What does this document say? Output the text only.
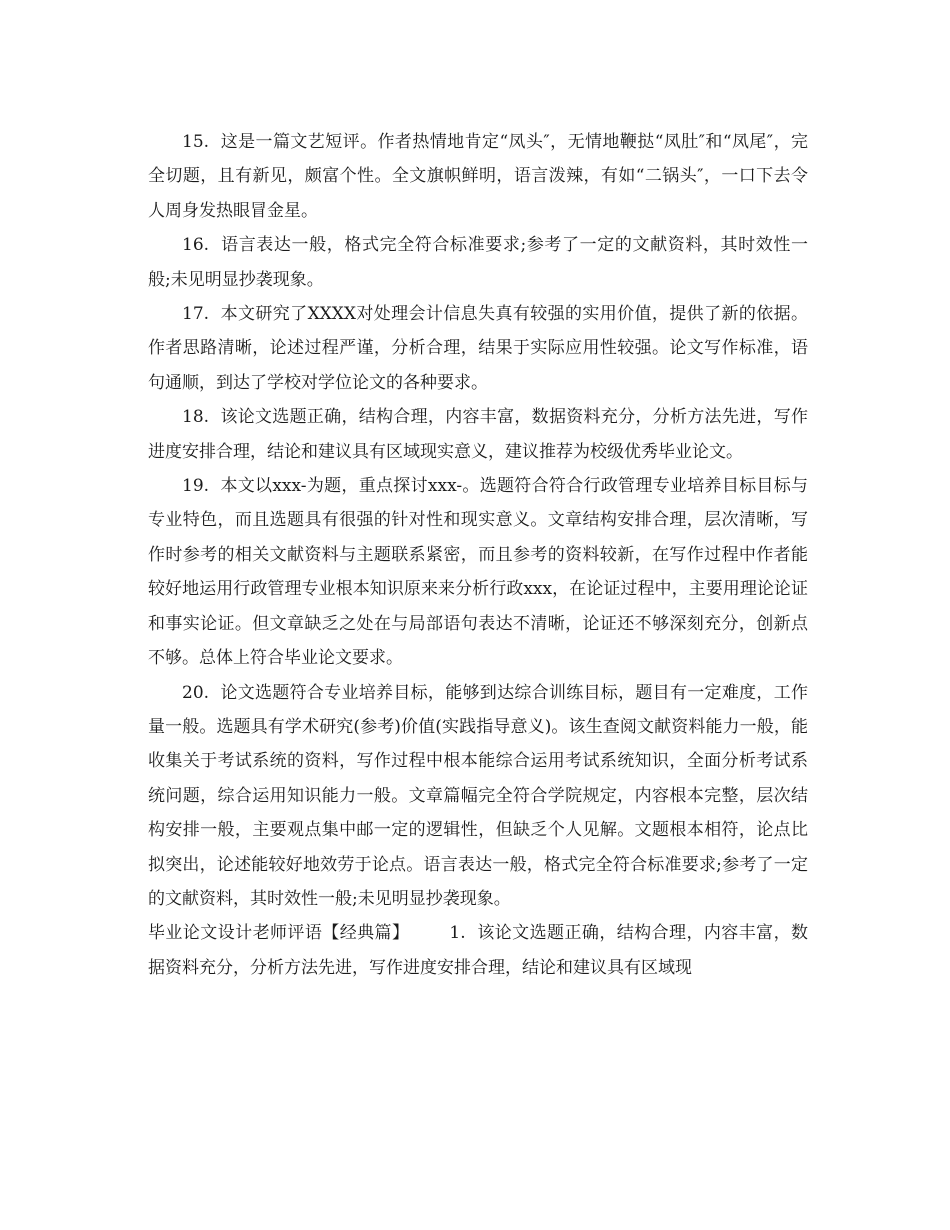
15. 这是一篇文艺短评。作者热情地肯定“凤头″，无情地鞭挞“凤肚″和“凤尾″，完全切题，且有新见，颇富个性。全文旗帜鲜明，语言泼辣，有如“二锅头″，一口下去令人周身发热眼冒金星。

16. 语言表达一般，格式完全符合标准要求;参考了一定的文献资料，其时效性一般;未见明显抄袭现象。

17. 本文研究了XXXX对处理会计信息失真有较强的实用价值，提供了新的依据。作者思路清晰，论述过程严谨，分析合理，结果于实际应用性较强。论文写作标准，语句通顺，到达了学校对学位论文的各种要求。

18. 该论文选题正确，结构合理，内容丰富，数据资料充分，分析方法先进，写作进度安排合理，结论和建议具有区域现实意义，建议推荐为校级优秀毕业论文。

19. 本文以xxx-为题，重点探讨xxx-。选题符合符合行政管理专业培养目标目标与专业特色，而且选题具有很强的针对性和现实意义。文章结构安排合理，层次清晰，写作时参考的相关文献资料与主题联系紧密，而且参考的资料较新，在写作过程中作者能较好地运用行政管理专业根本知识原来来分析行政xxx，在论证过程中，主要用理论论证和事实论证。但文章缺乏之处在与局部语句表达不清晰，论证还不够深刻充分，创新点不够。总体上符合毕业论文要求。

20. 论文选题符合专业培养目标，能够到达综合训练目标，题目有一定难度，工作量一般。选题具有学术研究(参考)价值(实践指导意义)。该生查阅文献资料能力一般，能收集关于考试系统的资料，写作过程中根本能综合运用考试系统知识，全面分析考试系统问题，综合运用知识能力一般。文章篇幅完全符合学院规定，内容根本完整，层次结构安排一般，主要观点集中邮一定的逻辑性，但缺乏个人见解。文题根本相符，论点比拟突出，论述能较好地效劳于论点。语言表达一般，格式完全符合标准要求;参考了一定的文献资料，其时效性一般;未见明显抄袭现象。

毕业论文设计老师评语【经典篇】 1. 该论文选题正确，结构合理，内容丰富，数据资料充分，分析方法先进，写作进度安排合理，结论和建议具有区域现
